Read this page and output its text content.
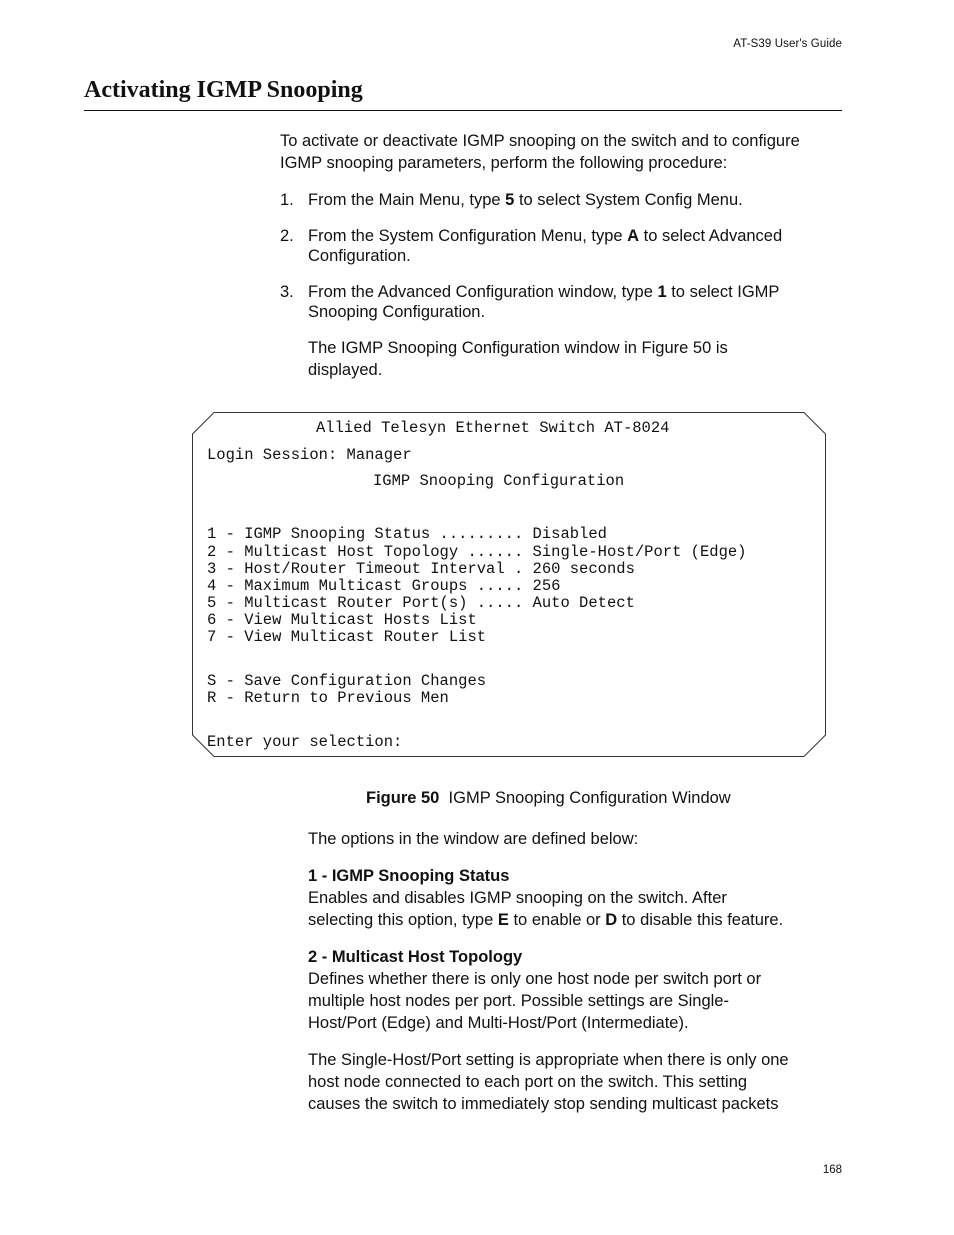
AT-S39 User's Guide
Activating IGMP Snooping
To activate or deactivate IGMP snooping on the switch and to configure
IGMP snooping parameters, perform the following procedure:
1. From the Main Menu, type 5 to select System Config Menu.
2. From the System Configuration Menu, type A to select Advanced
Configuration.
3. From the Advanced Configuration window, type 1 to select IGMP
Snooping Configuration.
The IGMP Snooping Configuration window in Figure 50 is
displayed.
Allied Telesyn Ethernet Switch AT-8024
Login Session: Manager
IGMP Snooping Configuration
1 - IGMP Snooping Status ......... Disabled
2 - Multicast Host Topology ...... Single-Host/Port (Edge)
3 - Host/Router Timeout Interval . 260 seconds
4 - Maximum Multicast Groups ..... 256
5 - Multicast Router Port(s) ..... Auto Detect
6 - View Multicast Hosts List
7 - View Multicast Router List
S - Save Configuration Changes
R - Return to Previous Men
Enter your selection:
Figure 50 IGMP Snooping Configuration Window
The options in the window are defined below:
1 - IGMP Snooping Status
Enables and disables IGMP snooping on the switch. After
selecting this option, type E to enable or D to disable this feature.
2 - Multicast Host Topology
Defines whether there is only one host node per switch port or
multiple host nodes per port. Possible settings are Single-
Host/Port (Edge) and Multi-Host/Port (Intermediate).
The Single-Host/Port setting is appropriate when there is only one
host node connected to each port on the switch. This setting
causes the switch to immediately stop sending multicast packets
168
